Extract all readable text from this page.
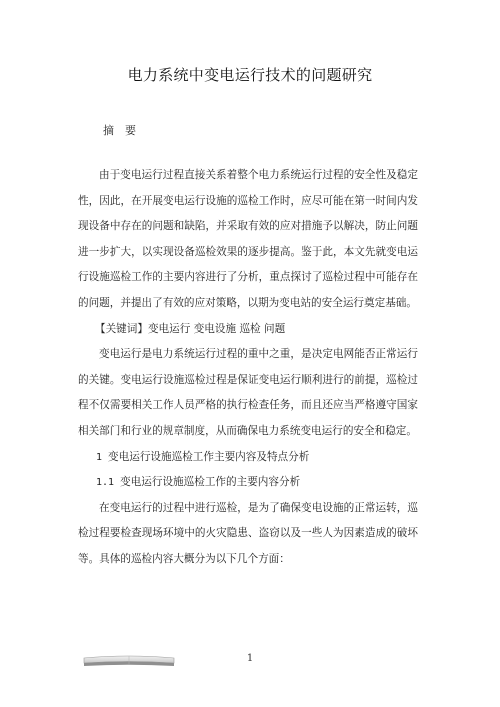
电力系统中变电运行技术的问题研究
摘要

由于变电运行过程直接关系着整个电力系统运行过程的安全性及稳定性，因此，在开展变电运行设施的巡检工作时，应尽可能在第一时间内发现设备中存在的问题和缺陷，并采取有效的应对措施予以解决，防止问题进一步扩大，以实现设备巡检效果的逐步提高。鉴于此，本文先就变电运行设施巡检工作的主要内容进行了分析，重点探讨了巡检过程中可能存在的问题，并提出了有效的应对策略，以期为变电站的安全运行奠定基础。

【关键词】变电运行 变电设施 巡检 问题

变电运行是电力系统运行过程的重中之重，是决定电网能否正常运行的关键。变电运行设施巡检过程是保证变电运行顺利进行的前提，巡检过程不仅需要相关工作人员严格的执行检查任务，而且还应当严格遵守国家相关部门和行业的规章制度，从而确保电力系统变电运行的安全和稳定。

1 变电运行设施巡检工作主要内容及特点分析

1.1 变电运行设施巡检工作的主要内容分析

在变电运行的过程中进行巡检，是为了确保变电设施的正常运转，巡检过程要检查现场环境中的火灾隐患、盗窃以及一些人为因素造成的破坏等。具体的巡检内容大概分为以下几个方面：

1
